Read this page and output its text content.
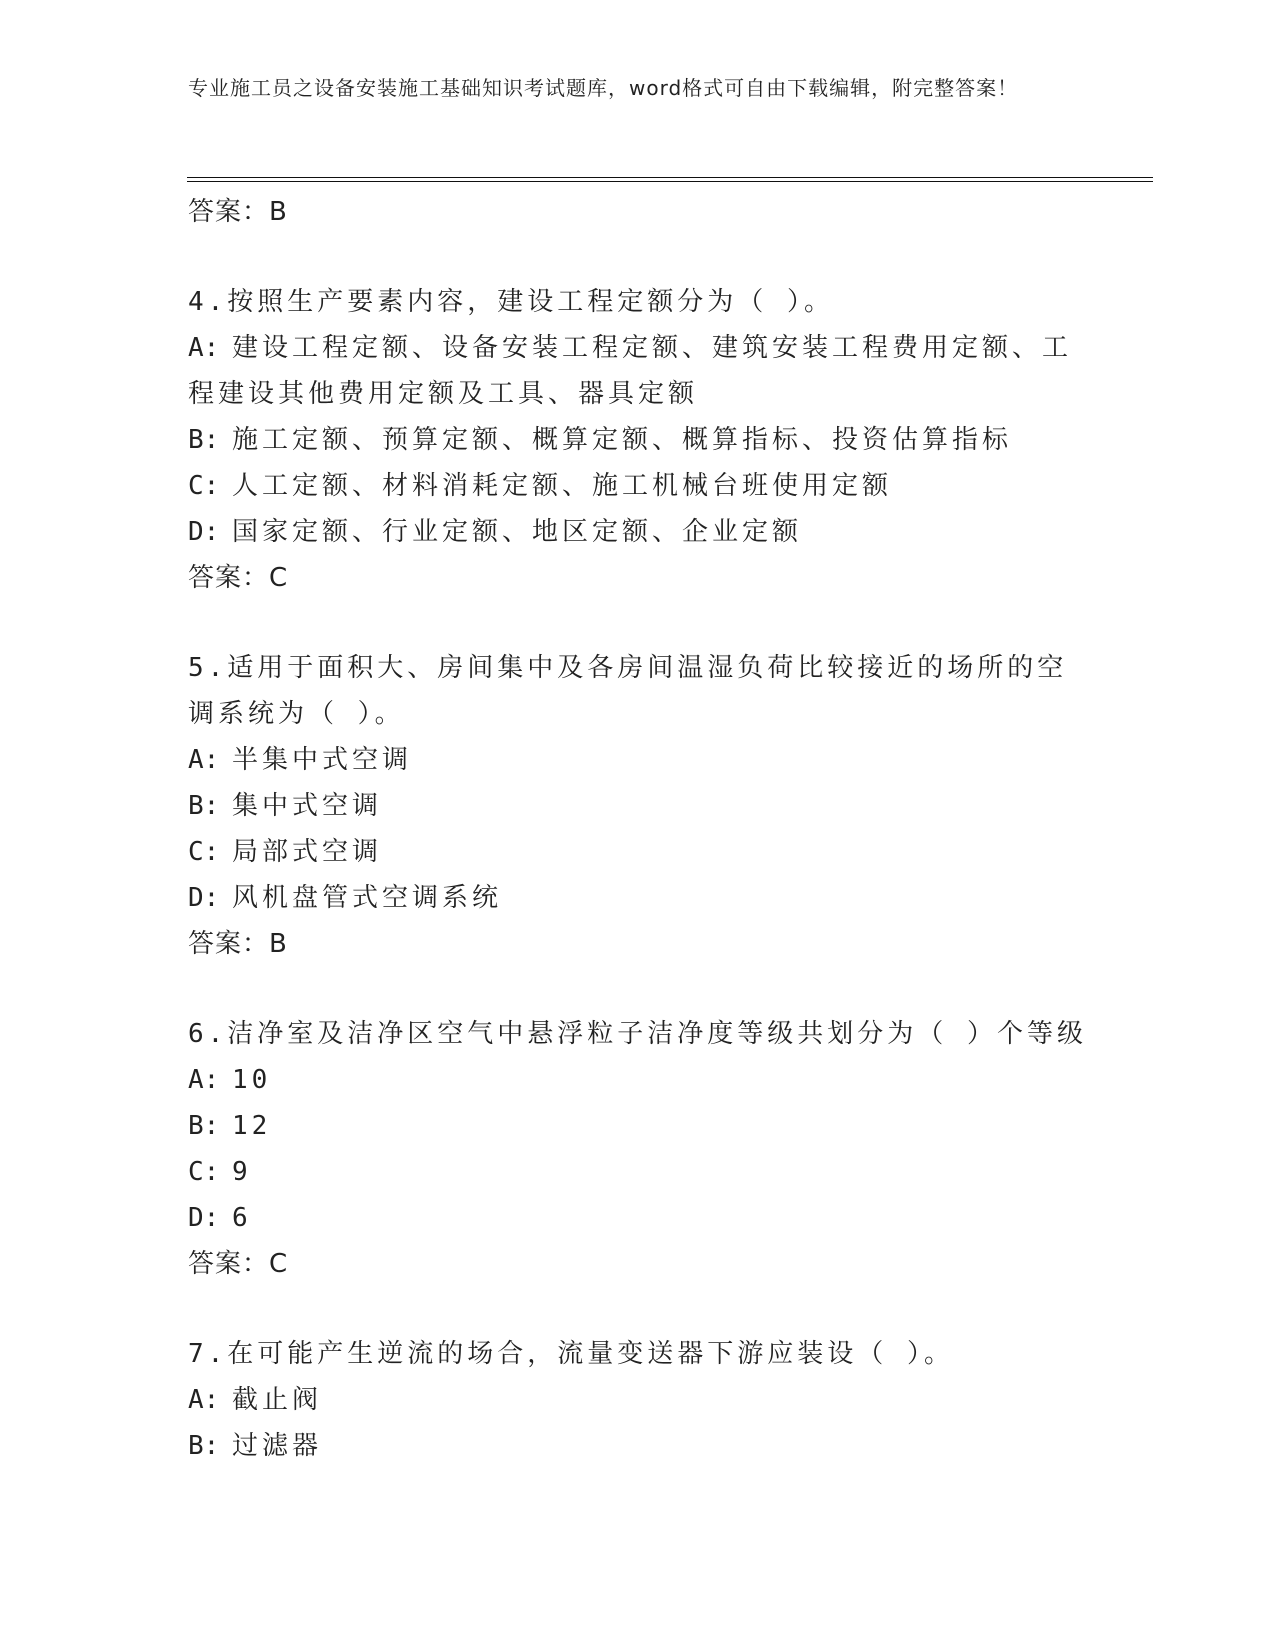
专业施工员之设备安装施工基础知识考试题库，word格式可自由下载编辑，附完整答案！

答案：B

4.按照生产要素内容，建设工程定额分为（ ）。

A: 建设工程定额、设备安装工程定额、建筑安装工程费用定额、工程建设其他费用定额及工具、器具定额

B: 施工定额、预算定额、概算定额、概算指标、投资估算指标

C: 人工定额、材料消耗定额、施工机械台班使用定额

D: 国家定额、行业定额、地区定额、企业定额

答案：C

5.适用于面积大、房间集中及各房间温湿负荷比较接近的场所的空调系统为（ ）。

A: 半集中式空调

B: 集中式空调

C: 局部式空调

D: 风机盘管式空调系统

答案：B

6.洁净室及洁净区空气中悬浮粒子洁净度等级共划分为（ ）个等级

A: 10

B: 12

C: 9

D: 6

答案：C

7.在可能产生逆流的场合，流量变送器下游应装设（ ）。

A: 截止阀

B: 过滤器
